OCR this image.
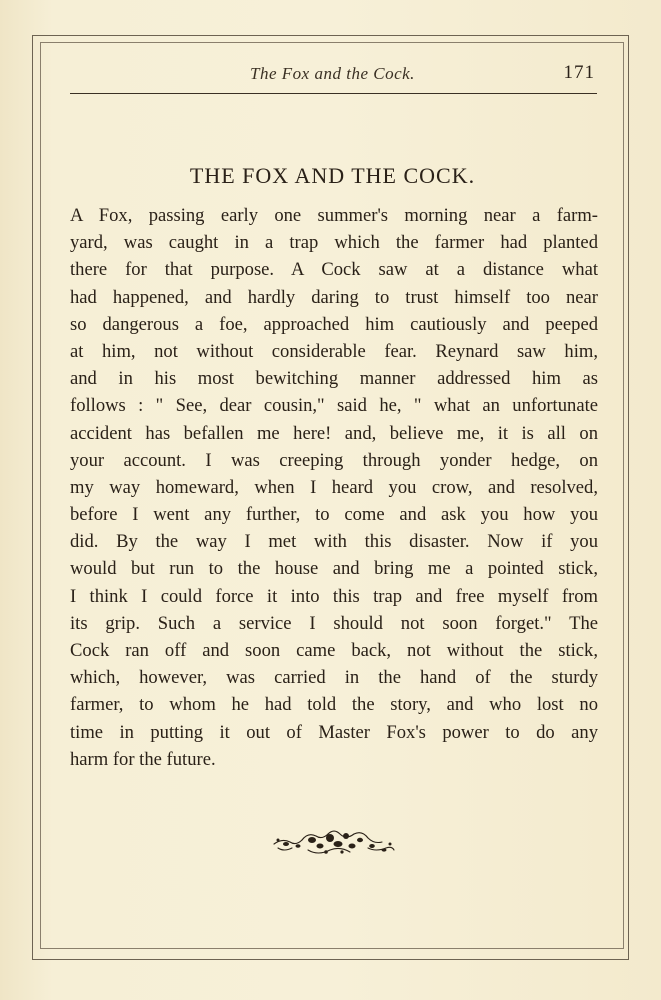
The Fox and the Cock.	171
THE FOX AND THE COCK.
A Fox, passing early one summer's morning near a farm-
yard, was caught in a trap which the farmer had planted
there for that purpose. A Cock saw at a distance what
had happened, and hardly daring to trust himself too near
so dangerous a foe, approached him cautiously and peeped
at him, not without considerable fear. Reynard saw him,
and in his most bewitching manner addressed him as
follows : " See, dear cousin," said he, " what an unfortunate
accident has befallen me here! and, believe me, it is all on
your account. I was creeping through yonder hedge, on
my way homeward, when I heard you crow, and resolved,
before I went any further, to come and ask you how you
did. By the way I met with this disaster. Now if you
would but run to the house and bring me a pointed stick,
I think I could force it into this trap and free myself from
its grip. Such a service I should not soon forget." The
Cock ran off and soon came back, not without the stick,
which, however, was carried in the hand of the sturdy
farmer, to whom he had told the story, and who lost no
time in putting it out of Master Fox's power to do any
harm for the future.
